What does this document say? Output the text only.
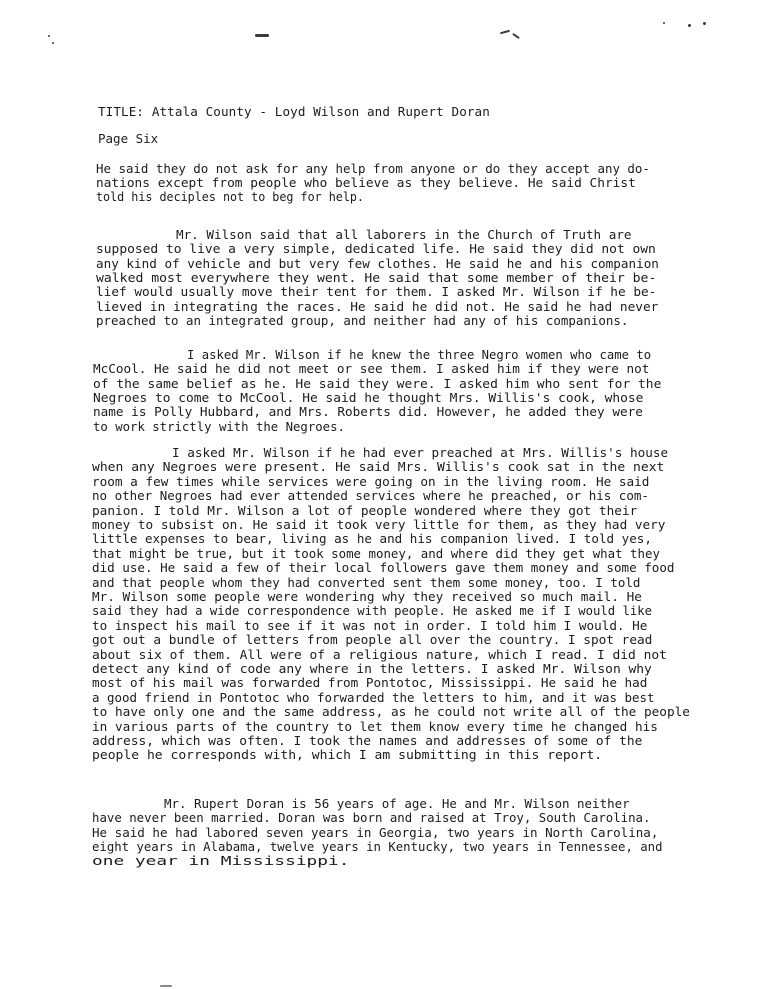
TITLE: Attala County - Loyd Wilson and Rupert Doran
Page Six
He said they do not ask for any help from anyone or do they accept any do-
nations except from people who believe as they believe. He said Christ
told his deciples not to beg for help.
Mr. Wilson said that all laborers in the Church of Truth are
supposed to live a very simple, dedicated life. He said they did not own
any kind of vehicle and but very few clothes. He said he and his companion
walked most everywhere they went. He said that some member of their be-
lief would usually move their tent for them. I asked Mr. Wilson if he be-
lieved in integrating the races. He said he did not. He said he had never
preached to an integrated group, and neither had any of his companions.
I asked Mr. Wilson if he knew the three Negro women who came to
McCool. He said he did not meet or see them. I asked him if they were not
of the same belief as he. He said they were. I asked him who sent for the
Negroes to come to McCool. He said he thought Mrs. Willis's cook, whose
name is Polly Hubbard, and Mrs. Roberts did. However, he added they were
to work strictly with the Negroes.
I asked Mr. Wilson if he had ever preached at Mrs. Willis's house
when any Negroes were present. He said Mrs. Willis's cook sat in the next
room a few times while services were going on in the living room. He said
no other Negroes had ever attended services where he preached, or his com-
panion. I told Mr. Wilson a lot of people wondered where they got their
money to subsist on. He said it took very little for them, as they had very
little expenses to bear, living as he and his companion lived. I told yes,
that might be true, but it took some money, and where did they get what they
did use. He said a few of their local followers gave them money and some food
and that people whom they had converted sent them some money, too. I told
Mr. Wilson some people were wondering why they received so much mail. He
said they had a wide correspondence with people. He asked me if I would like
to inspect his mail to see if it was not in order. I told him I would. He
got out a bundle of letters from people all over the country. I spot read
about six of them. All were of a religious nature, which I read. I did not
detect any kind of code any where in the letters. I asked Mr. Wilson why
most of his mail was forwarded from Pontotoc, Mississippi. He said he had
a good friend in Pontotoc who forwarded the letters to him, and it was best
to have only one and the same address, as he could not write all of the people
in various parts of the country to let them know every time he changed his
address, which was often. I took the names and addresses of some of the
people he corresponds with, which I am submitting in this report.
Mr. Rupert Doran is 56 years of age. He and Mr. Wilson neither
have never been married. Doran was born and raised at Troy, South Carolina.
He said he had labored seven years in Georgia, two years in North Carolina,
eight years in Alabama, twelve years in Kentucky, two years in Tennessee, and
one year in Mississippi.
